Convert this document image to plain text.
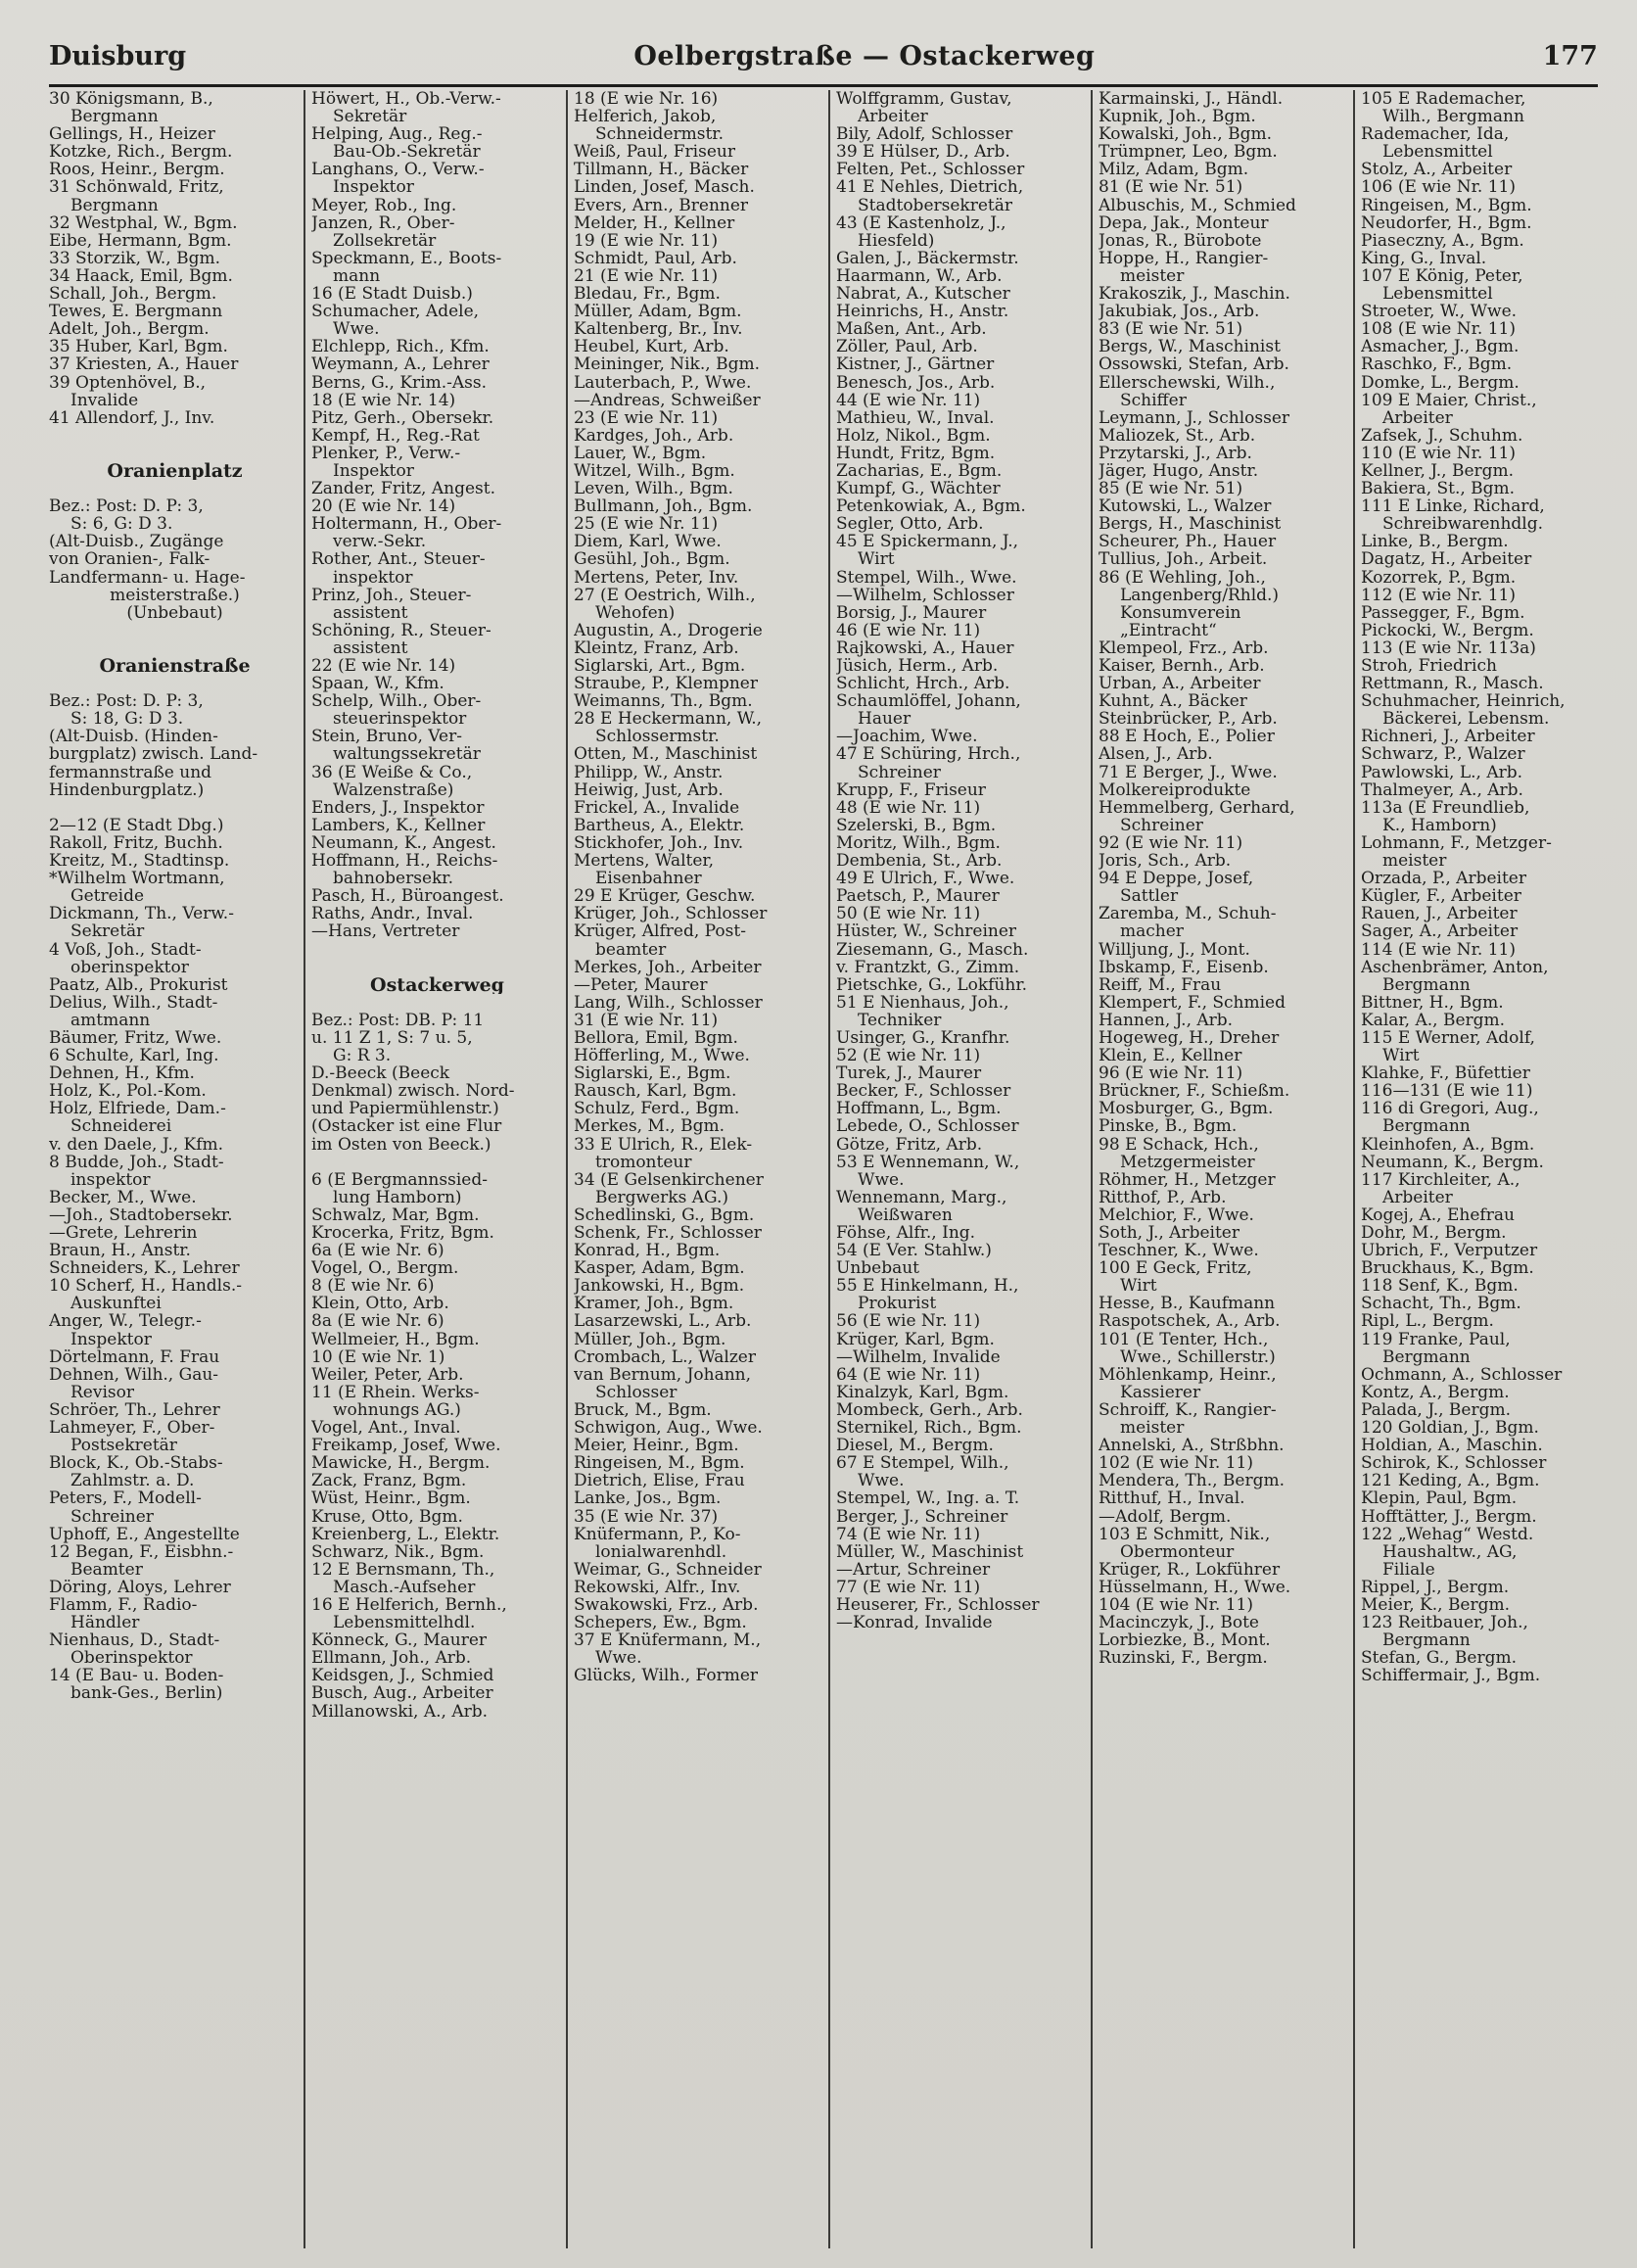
Duisburg	Oelbergstraße — Ostackerweg	177
30 Königsmann, B.,
Bergmann
Gellings, H., Heizer
Kotzke, Rich., Bergm.
Roos, Heinr., Bergm.
31 Schönwald, Fritz,
Bergmann
32 Westphal, W., Bgm.
Eibe, Hermann, Bgm.
33 Storzik, W., Bgm.
34 Haack, Emil, Bgm.
Schall, Joh., Bergm.
Tewes, E. Bergmann
Adelt, Joh., Bergm.
35 Huber, Karl, Bgm.
37 Kriesten, A., Hauer
39 Optenhövel, B.,
Invalide
41 Allendorf, J., Inv.
Oranienplatz
Bez.: Post: D. P: 3,
S: 6, G: D 3.
(Alt-Duisb., Zugänge
von Oranien-, Falk-
Landfermann- u. Hage-
meisterstraße.)
(Unbebaut)
Oranienstraße
Bez.: Post: D. P: 3,
S: 18, G: D 3.
(Alt-Duisb. (Hinden-
burgplatz) zwisch. Land-
fermannstraße und
Hindenburgplatz.)
2—12 (E Stadt Dbg.)
Rakoll, Fritz, Buchh.
Kreitz, M., Stadtinsp.
*Wilhelm Wortmann,
Getreide
Dickmann, Th., Verw.-
Sekretär
4 Voß, Joh., Stadt-
oberinspektor
Paatz, Alb., Prokurist
Delius, Wilh., Stadt-
amtmann
Bäumer, Fritz, Wwe.
6 Schulte, Karl, Ing.
Dehnen, H., Kfm.
Holz, K., Pol.-Kom.
Holz, Elfriede, Dam.-
Schneiderei
v. den Daele, J., Kfm.
8 Budde, Joh., Stadt-
inspektor
Becker, M., Wwe.
—Joh., Stadtobersekr.
—Grete, Lehrerin
Braun, H., Anstr.
Schneiders, K., Lehrer
10 Scherf, H., Handls.-
Auskunftei
Anger, W., Telegr.-
Inspektor
Dörtelmann, F. Frau
Dehnen, Wilh., Gau-
Revisor
Schröer, Th., Lehrer
Lahmeyer, F., Ober-
Postsekretär
Block, K., Ob.-Stabs-
Zahlmstr. a. D.
Peters, F., Modell-
Schreiner
Uphoff, E., Angestellte
12 Began, F., Eisbhn.-
Beamter
Döring, Aloys, Lehrer
Flamm, F., Radio-
Händler
Nienhaus, D., Stadt-
Oberinspektor
14 (E Bau- u. Boden-
bank-Ges., Berlin)
Höwert, H., Ob.-Verw.-
Sekretär
Helping, Aug., Reg.-
Bau-Ob.-Sekretär
Langhans, O., Verw.-
Inspektor
Meyer, Rob., Ing.
Janzen, R., Ober-
Zollsekretär
Speckmann, E., Boots-
mann
16 (E Stadt Duisb.)
Schumacher, Adele,
Wwe.
Elchlepp, Rich., Kfm.
Weymann, A., Lehrer
Berns, G., Krim.-Ass.
18 (E wie Nr. 14)
Pitz, Gerh., Obersekr.
Kempf, H., Reg.-Rat
Plenker, P., Verw.-
Inspektor
Zander, Fritz, Angest.
20 (E wie Nr. 14)
Holtermann, H., Ober-
verw.-Sekr.
Rother, Ant., Steuer-
inspektor
Prinz, Joh., Steuer-
assistent
Schöning, R., Steuer-
assistent
22 (E wie Nr. 14)
Spaan, W., Kfm.
Schelp, Wilh., Ober-
steuerinspektor
Stein, Bruno, Ver-
waltungssekretär
36 (E Weiße & Co.,
Walzenstraße)
Enders, J., Inspektor
Lambers, K., Kellner
Neumann, K., Angest.
Hoffmann, H., Reichs-
bahnobersekr.
Pasch, H., Büroangest.
Raths, Andr., Inval.
—Hans, Vertreter
Ostackerweg
Bez.: Post: DB. P: 11
u. 11 Z 1, S: 7 u. 5,
G: R 3.
D.-Beeck (Beeck
Denkmal) zwisch. Nord-
und Papiermühlenstr.)
(Ostacker ist eine Flur
im Osten von Beeck.)
6 (E Bergmannssied-
lung Hamborn)
Schwalz, Mar, Bgm.
Krocerka, Fritz, Bgm.
6a (E wie Nr. 6)
Vogel, O., Bergm.
8 (E wie Nr. 6)
Klein, Otto, Arb.
8a (E wie Nr. 6)
Wellmeier, H., Bgm.
10 (E wie Nr. 1)
Weiler, Peter, Arb.
11 (E Rhein. Werks-
wohnungs AG.)
Vogel, Ant., Inval.
Freikamp, Josef, Wwe.
Mawicke, H., Bergm.
Zack, Franz, Bgm.
Wüst, Heinr., Bgm.
Kruse, Otto, Bgm.
Kreienberg, L., Elektr.
Schwarz, Nik., Bgm.
12 E Bernsmann, Th.,
Masch.-Aufseher
16 E Helferich, Bernh.,
Lebensmittelhdl.
Könneck, G., Maurer
Ellmann, Joh., Arb.
Keidsgen, J., Schmied
Busch, Aug., Arbeiter
Millanowski, A., Arb.
18 (E wie Nr. 16)
Helferich, Jakob,
Schneidermstr.
Weiß, Paul, Friseur
Tillmann, H., Bäcker
Linden, Josef, Masch.
Evers, Arn., Brenner
Melder, H., Kellner
19 (E wie Nr. 11)
Schmidt, Paul, Arb.
21 (E wie Nr. 11)
Bledau, Fr., Bgm.
Müller, Adam, Bgm.
Kaltenberg, Br., Inv.
Heubel, Kurt, Arb.
Meininger, Nik., Bgm.
Lauterbach, P., Wwe.
—Andreas, Schweißer
23 (E wie Nr. 11)
Kardges, Joh., Arb.
Lauer, W., Bgm.
Witzel, Wilh., Bgm.
Leven, Wilh., Bgm.
Bullmann, Joh., Bgm.
25 (E wie Nr. 11)
Diem, Karl, Wwe.
Gesühl, Joh., Bgm.
Mertens, Peter, Inv.
27 (E Oestrich, Wilh.,
Wehofen)
Augustin, A., Drogerie
Kleintz, Franz, Arb.
Siglarski, Art., Bgm.
Straube, P., Klempner
Weimanns, Th., Bgm.
28 E Heckermann, W.,
Schlossermstr.
Otten, M., Maschinist
Philipp, W., Anstr.
Heiwig, Just, Arb.
Frickel, A., Invalide
Bartheus, A., Elektr.
Stickhofer, Joh., Inv.
Mertens, Walter,
Eisenbahner
29 E Krüger, Geschw.
Krüger, Joh., Schlosser
Krüger, Alfred, Post-
beamter
Merkes, Joh., Arbeiter
—Peter, Maurer
Lang, Wilh., Schlosser
31 (E wie Nr. 11)
Bellora, Emil, Bgm.
Höfferling, M., Wwe.
Siglarski, E., Bgm.
Rausch, Karl, Bgm.
Schulz, Ferd., Bgm.
Merkes, M., Bgm.
33 E Ulrich, R., Elek-
tromonteur
34 (E Gelsenkirchener
Bergwerks AG.)
Schedlinski, G., Bgm.
Schenk, Fr., Schlosser
Konrad, H., Bgm.
Kasper, Adam, Bgm.
Jankowski, H., Bgm.
Kramer, Joh., Bgm.
Lasarzewski, L., Arb.
Müller, Joh., Bgm.
Crombach, L., Walzer
van Bernum, Johann,
Schlosser
Bruck, M., Bgm.
Schwigon, Aug., Wwe.
Meier, Heinr., Bgm.
Ringeisen, M., Bgm.
Dietrich, Elise, Frau
Lanke, Jos., Bgm.
35 (E wie Nr. 37)
Knüfermann, P., Ko-
lonialwarenhdl.
Weimar, G., Schneider
Rekowski, Alfr., Inv.
Swakowski, Frz., Arb.
Schepers, Ew., Bgm.
37 E Knüfermann, M.,
Wwe.
Glücks, Wilh., Former
Wolffgramm, Gustav,
Arbeiter
Bily, Adolf, Schlosser
39 E Hülser, D., Arb.
Felten, Pet., Schlosser
41 E Nehles, Dietrich,
Stadtobersekretär
43 (E Kastenholz, J.,
Hiesfeld)
Galen, J., Bäckermstr.
Haarmann, W., Arb.
Nabrat, A., Kutscher
Heinrichs, H., Anstr.
Maßen, Ant., Arb.
Zöller, Paul, Arb.
Kistner, J., Gärtner
Benesch, Jos., Arb.
44 (E wie Nr. 11)
Mathieu, W., Inval.
Holz, Nikol., Bgm.
Hundt, Fritz, Bgm.
Zacharias, E., Bgm.
Kumpf, G., Wächter
Petenkowiak, A., Bgm.
Segler, Otto, Arb.
45 E Spickermann, J.,
Wirt
Stempel, Wilh., Wwe.
—Wilhelm, Schlosser
Borsig, J., Maurer
46 (E wie Nr. 11)
Rajkowski, A., Hauer
Jüsich, Herm., Arb.
Schlicht, Hrch., Arb.
Schaumlöffel, Johann,
Hauer
—Joachim, Wwe.
47 E Schüring, Hrch.,
Schreiner
Krupp, F., Friseur
48 (E wie Nr. 11)
Szelerski, B., Bgm.
Moritz, Wilh., Bgm.
Dembenia, St., Arb.
49 E Ulrich, F., Wwe.
Paetsch, P., Maurer
50 (E wie Nr. 11)
Hüster, W., Schreiner
Ziesemann, G., Masch.
v. Frantzkt, G., Zimm.
Pietschke, G., Lokführ.
51 E Nienhaus, Joh.,
Techniker
Usinger, G., Kranfhr.
52 (E wie Nr. 11)
Turek, J., Maurer
Becker, F., Schlosser
Hoffmann, L., Bgm.
Lebede, O., Schlosser
Götze, Fritz, Arb.
53 E Wennemann, W.,
Wwe.
Wennemann, Marg.,
Weißwaren
Föhse, Alfr., Ing.
54 (E Ver. Stahlw.)
Unbebaut
55 E Hinkelmann, H.,
Prokurist
56 (E wie Nr. 11)
Krüger, Karl, Bgm.
—Wilhelm, Invalide
64 (E wie Nr. 11)
Kinalzyk, Karl, Bgm.
Mombeck, Gerh., Arb.
Sternikel, Rich., Bgm.
Diesel, M., Bergm.
67 E Stempel, Wilh.,
Wwe.
Stempel, W., Ing. a. T.
Berger, J., Schreiner
74 (E wie Nr. 11)
Müller, W., Maschinist
—Artur, Schreiner
77 (E wie Nr. 11)
Heuserer, Fr., Schlosser
—Konrad, Invalide
Karmainski, J., Händl.
Kupnik, Joh., Bgm.
Kowalski, Joh., Bgm.
Trümpner, Leo, Bgm.
Milz, Adam, Bgm.
81 (E wie Nr. 51)
Albuschis, M., Schmied
Depa, Jak., Monteur
Jonas, R., Bürobote
Hoppe, H., Rangier-
meister
Krakoszik, J., Maschin.
Jakubiak, Jos., Arb.
83 (E wie Nr. 51)
Bergs, W., Maschinist
Ossowski, Stefan, Arb.
Ellerschewski, Wilh.,
Schiffer
Leymann, J., Schlosser
Maliozek, St., Arb.
Przytarski, J., Arb.
Jäger, Hugo, Anstr.
85 (E wie Nr. 51)
Kutowski, L., Walzer
Bergs, H., Maschinist
Scheurer, Ph., Hauer
Tullius, Joh., Arbeit.
86 (E Wehling, Joh.,
Langenberg/Rhld.)
Konsumverein
„Eintracht“
Klempeol, Frz., Arb.
Kaiser, Bernh., Arb.
Urban, A., Arbeiter
Kuhnt, A., Bäcker
Steinbrücker, P., Arb.
88 E Hoch, E., Polier
Alsen, J., Arb.
71 E Berger, J., Wwe.
Molkereiprodukte
Hemmelberg, Gerhard,
Schreiner
92 (E wie Nr. 11)
Joris, Sch., Arb.
94 E Deppe, Josef,
Sattler
Zaremba, M., Schuh-
macher
Willjung, J., Mont.
Ibskamp, F., Eisenb.
Reiff, M., Frau
Klempert, F., Schmied
Hannen, J., Arb.
Hogeweg, H., Dreher
Klein, E., Kellner
96 (E wie Nr. 11)
Brückner, F., Schießm.
Mosburger, G., Bgm.
Pinske, B., Bgm.
98 E Schack, Hch.,
Metzgermeister
Röhmer, H., Metzger
Ritthof, P., Arb.
Melchior, F., Wwe.
Soth, J., Arbeiter
Teschner, K., Wwe.
100 E Geck, Fritz,
Wirt
Hesse, B., Kaufmann
Raspotschek, A., Arb.
101 (E Tenter, Hch.,
Wwe., Schillerstr.)
Möhlenkamp, Heinr.,
Kassierer
Schroiff, K., Rangier-
meister
Annelski, A., Strßbhn.
102 (E wie Nr. 11)
Mendera, Th., Bergm.
Ritthuf, H., Inval.
—Adolf, Bergm.
103 E Schmitt, Nik.,
Obermonteur
Krüger, R., Lokführer
Hüsselmann, H., Wwe.
104 (E wie Nr. 11)
Macinczyk, J., Bote
Lorbiezke, B., Mont.
Ruzinski, F., Bergm.
105 E Rademacher,
Wilh., Bergmann
Rademacher, Ida,
Lebensmittel
Stolz, A., Arbeiter
106 (E wie Nr. 11)
Ringeisen, M., Bgm.
Neudorfer, H., Bgm.
Piaseczny, A., Bgm.
King, G., Inval.
107 E König, Peter,
Lebensmittel
Stroeter, W., Wwe.
108 (E wie Nr. 11)
Asmacher, J., Bgm.
Raschko, F., Bgm.
Domke, L., Bergm.
109 E Maier, Christ.,
Arbeiter
Zafsek, J., Schuhm.
110 (E wie Nr. 11)
Kellner, J., Bergm.
Bakiera, St., Bgm.
111 E Linke, Richard,
Schreibwarenhdlg.
Linke, B., Bergm.
Dagatz, H., Arbeiter
Kozorrek, P., Bgm.
112 (E wie Nr. 11)
Passegger, F., Bgm.
Pickocki, W., Bergm.
113 (E wie Nr. 113a)
Stroh, Friedrich
Rettmann, R., Masch.
Schuhmacher, Heinrich,
Bäckerei, Lebensm.
Richneri, J., Arbeiter
Schwarz, P., Walzer
Pawlowski, L., Arb.
Thalmeyer, A., Arb.
113a (E Freundlieb,
K., Hamborn)
Lohmann, F., Metzger-
meister
Orzada, P., Arbeiter
Kügler, F., Arbeiter
Rauen, J., Arbeiter
Sager, A., Arbeiter
114 (E wie Nr. 11)
Aschenbrämer, Anton,
Bergmann
Bittner, H., Bgm.
Kalar, A., Bergm.
115 E Werner, Adolf,
Wirt
Klahke, F., Büfettier
116—131 (E wie 11)
116 di Gregori, Aug.,
Bergmann
Kleinhofen, A., Bgm.
Neumann, K., Bergm.
117 Kirchleiter, A.,
Arbeiter
Kogej, A., Ehefrau
Dohr, M., Bergm.
Ubrich, F., Verputzer
Bruckhaus, K., Bgm.
118 Senf, K., Bgm.
Schacht, Th., Bgm.
Ripl, L., Bergm.
119 Franke, Paul,
Bergmann
Ochmann, A., Schlosser
Kontz, A., Bergm.
Palada, J., Bergm.
120 Goldian, J., Bgm.
Holdian, A., Maschin.
Schirok, K., Schlosser
121 Keding, A., Bgm.
Klepin, Paul, Bgm.
Hofftätter, J., Bergm.
122 „Wehag“ Westd.
Haushaltw., AG,
Filiale
Rippel, J., Bergm.
Meier, K., Bergm.
123 Reitbauer, Joh.,
Bergmann
Stefan, G., Bergm.
Schiffermair, J., Bgm.
